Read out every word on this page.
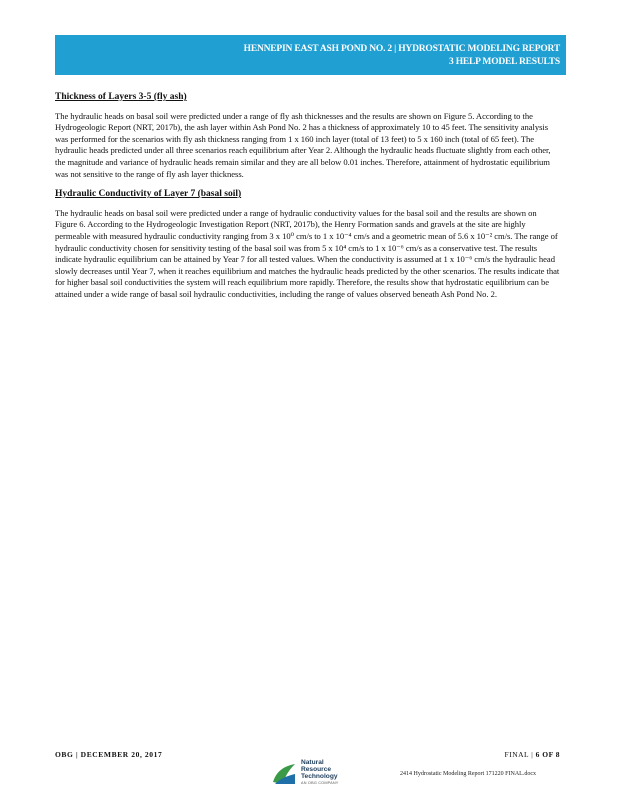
HENNEPIN EAST ASH POND NO. 2 | HYDROSTATIC MODELING REPORT
3 HELP MODEL RESULTS
Thickness of Layers 3-5 (fly ash)

The hydraulic heads on basal soil were predicted under a range of fly ash thicknesses and the results are shown on Figure 5. According to the Hydrogeologic Report (NRT, 2017b), the ash layer within Ash Pond No. 2 has a thickness of approximately 10 to 45 feet. The sensitivity analysis was performed for the scenarios with fly ash thickness ranging from 1 x 160 inch layer (total of 13 feet) to 5 x 160 inch (total of 65 feet). The hydraulic heads predicted under all three scenarios reach equilibrium after Year 2. Although the hydraulic heads fluctuate slightly from each other, the magnitude and variance of hydraulic heads remain similar and they are all below 0.01 inches. Therefore, attainment of hydrostatic equilibrium was not sensitive to the range of fly ash layer thickness.

Hydraulic Conductivity of Layer 7 (basal soil)

The hydraulic heads on basal soil were predicted under a range of hydraulic conductivity values for the basal soil and the results are shown on Figure 6. According to the Hydrogeologic Investigation Report (NRT, 2017b), the Henry Formation sands and gravels at the site are highly permeable with measured hydraulic conductivity ranging from 3 x 10⁰ cm/s to 1 x 10⁻⁴ cm/s and a geometric mean of 5.6 x 10⁻² cm/s. The range of hydraulic conductivity chosen for sensitivity testing of the basal soil was from 5 x 10⁴ cm/s to 1 x 10⁻⁶ cm/s as a conservative test. The results indicate hydraulic equilibrium can be attained by Year 7 for all tested values. When the conductivity is assumed at 1 x 10⁻⁶ cm/s the hydraulic head slowly decreases until Year 7, when it reaches equilibrium and matches the hydraulic heads predicted by the other scenarios. The results indicate that for higher basal soil conductivities the system will reach equilibrium more rapidly. Therefore, the results show that hydrostatic equilibrium can be attained under a wide range of basal soil hydraulic conductivities, including the range of values observed beneath Ash Pond No. 2.

OBG | DECEMBER 20, 2017	FINAL | 6 OF 8
Natural
Resource
Technology
AN OBG COMPANY
2414 Hydrostatic Modeling Report 171220 FINAL.docx
